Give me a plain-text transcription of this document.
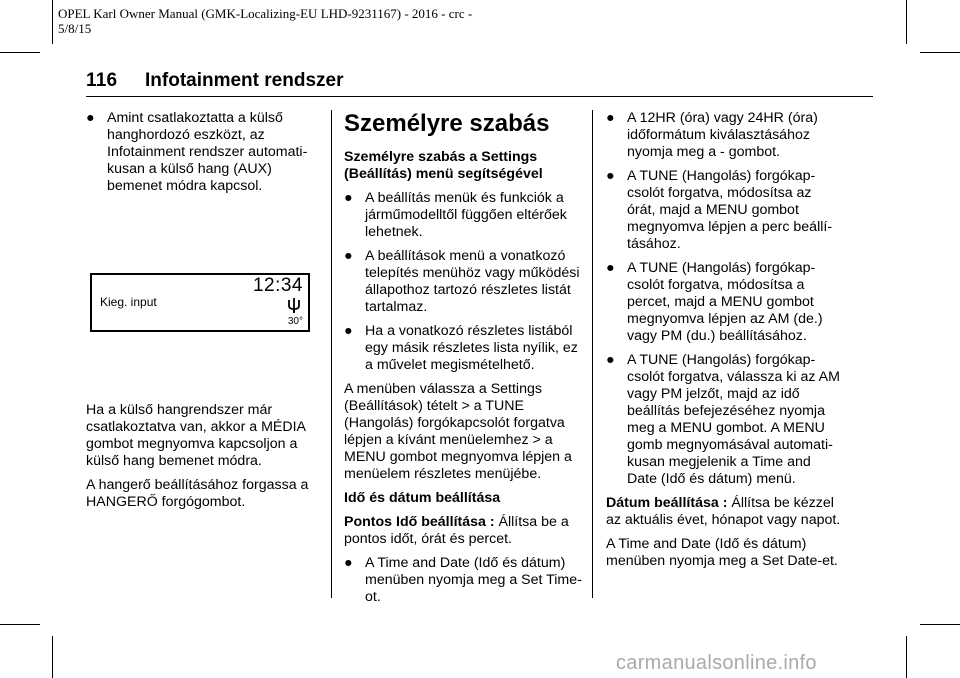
OPEL Karl Owner Manual (GMK-Localizing-EU LHD-9231167) - 2016 - crc -
5/8/15
116 Infotainment rendszer
● Amint csatlakoztatta a külső hanghordozó eszközt, az Infotainment rendszer automati-
kusan a külső hang (AUX) bemenet módra kapcsol.
Kieg. input
12:34
30°

Ha a külső hangrendszer már csatlakoztatva van, akkor a MÉDIA gombot megnyomva kapcsoljon a külső hang bemenet módra.

A hangerő beállításához forgassa a HANGERŐ forgógombot.

Személyre szabás
Személyre szabás a Settings (Beállítás) menü segítségével
● A beállítás menük és funkciók a járműmodelltől függően eltérőek lehetnek.
● A beállítások menü a vonatkozó telepítés menühöz vagy működési állapothoz tartozó részletes listát tartalmaz.
● Ha a vonatkozó részletes listából egy másik részletes lista nyílik, ez a művelet megismételhető.

A menüben válassza a Settings (Beállítások) tételt > a TUNE (Hangolás) forgókapcsolót forgatva lépjen a kívánt menüelemhez > a MENU gombot megnyomva lépjen a menüelem részletes menüjébe.

Idő és dátum beállítása

Pontos Idő beállítása : Állítsa be a pontos időt, órát és percet.

● A Time and Date (Idő és dátum) menüben nyomja meg a Set Time-ot.
● A 12HR (óra) vagy 24HR (óra) időformátum kiválasztásához nyomja meg a - gombot.
● A TUNE (Hangolás) forgókap-
csolót forgatva, módosítsa az órát, majd a MENU gombot megnyomva lépjen a perc beállí-
tásához.
● A TUNE (Hangolás) forgókap-
csolót forgatva, módosítsa a percet, majd a MENU gombot megnyomva lépjen az AM (de.) vagy PM (du.) beállításához.
● A TUNE (Hangolás) forgókap-
csolót forgatva, válassza ki az AM vagy PM jelzőt, majd az idő beállítás befejezéséhez nyomja meg a MENU gombot. A MENU gomb megnyomásával automati-
kusan megjelenik a Time and Date (Idő és dátum) menü.

Dátum beállítása : Állítsa be kézzel az aktuális évet, hónapot vagy napot.

A Time and Date (Idő és dátum) menüben nyomja meg a Set Date-et.

carmanualsonline.info
